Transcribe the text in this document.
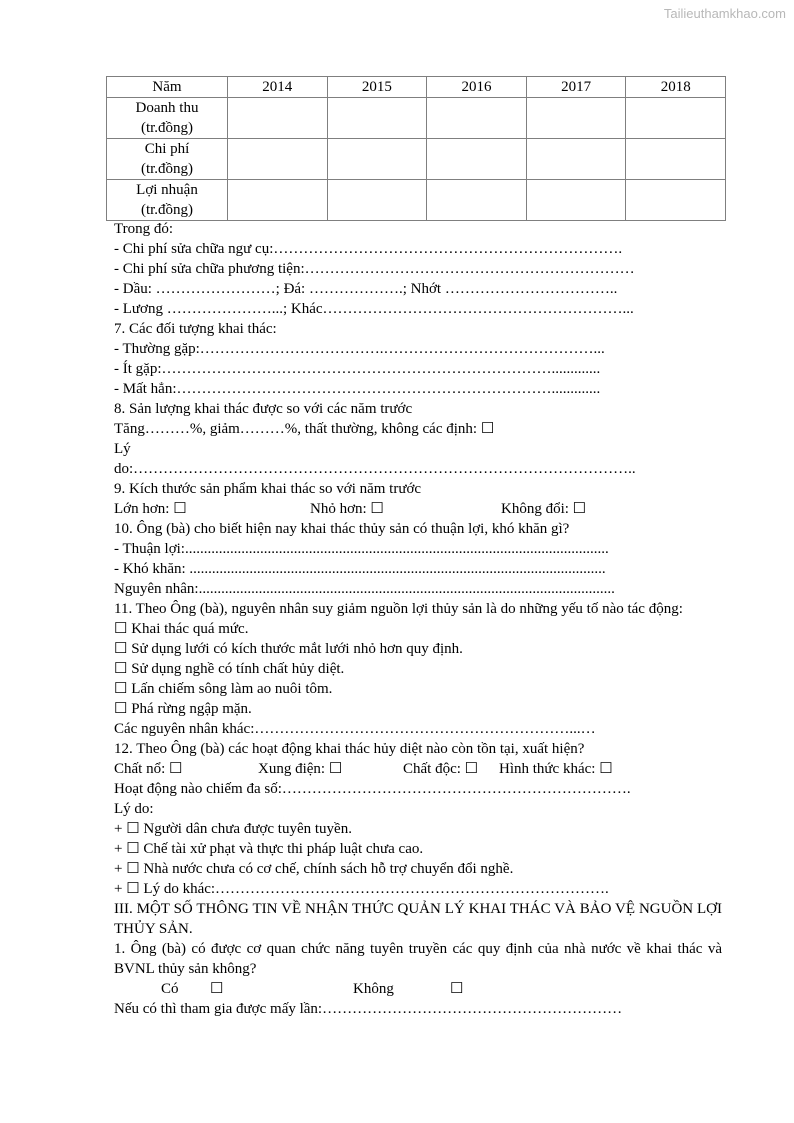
Tailieuthamkhao.com
Năm	2014	2015	2016	2017	2018
Doanh thu
(tr.đồng)					
Chi phí
(tr.đồng)					
Lợi nhuận
(tr.đồng)					
Trong đó:
- Chi phí sửa chữa ngư cụ:…………………………………………………………….
- Chi phí sửa chữa phương tiện:…………………………………………………………
- Dầu: ……………………; Đá: ……………….; Nhớt ……………………………..
- Lương …………………...; Khác……………………………………………………...
7. Các đối tượng khai thác:
- Thường gặp:……………………………….……………………………………...
- Ít gặp:…………………………………………………………………….............
- Mất hẳn:………………………………………………………………….............
8. Sản lượng khai thác được so với các năm trước
Tăng………%, giảm………%, thất thường, không các định: ☐
Lý
do:………………………………………………………………………………………..
9. Kích thước sản phẩm khai thác so với năm trước
Lớn hơn: ☐	Nhỏ hơn: ☐	Không đổi: ☐
10. Ông (bà) cho biết hiện nay khai thác thủy sản có thuận lợi, khó khăn gì?
- Thuận lợi:.................................................................................................................
- Khó khăn: ...............................................................................................................
Nguyên nhân:...............................................................................................................
11. Theo Ông (bà), nguyên nhân suy giảm nguồn lợi thủy sản là do những yếu tố nào tác động:
☐ Khai thác quá mức.
☐ Sử dụng lưới có kích thước mắt lưới nhỏ hơn quy định.
☐ Sử dụng nghề có tính chất hủy diệt.
☐ Lấn chiếm sông làm ao nuôi tôm.
☐ Phá rừng ngập mặn.
Các nguyên nhân khác:………………………………………………………...…
12. Theo Ông (bà) các hoạt động khai thác hủy diệt nào còn tồn tại, xuất hiện?
Chất nổ: ☐	Xung điện: ☐	Chất độc: ☐	Hình thức khác: ☐
Hoạt động nào chiếm đa số:…………………………………………………………….
Lý do:
+ ☐ Người dân chưa được tuyên tuyền.
+ ☐ Chế tài xử phạt và thực thi pháp luật chưa cao.
+ ☐ Nhà nước chưa có cơ chế, chính sách hỗ trợ chuyển đổi nghề.
+ ☐ Lý do khác:…………………………………………………………………….
III. MỘT SỐ THÔNG TIN VỀ NHẬN THỨC QUẢN LÝ KHAI THÁC VÀ BẢO VỆ NGUỒN LỢI THỦY SẢN.
1. Ông (bà) có được cơ quan chức năng tuyên truyền các quy định của nhà nước về khai thác và BVNL thủy sản không?
Có	☐	Không	☐
Nếu có thì tham gia được mấy lần:……………………………………………………
